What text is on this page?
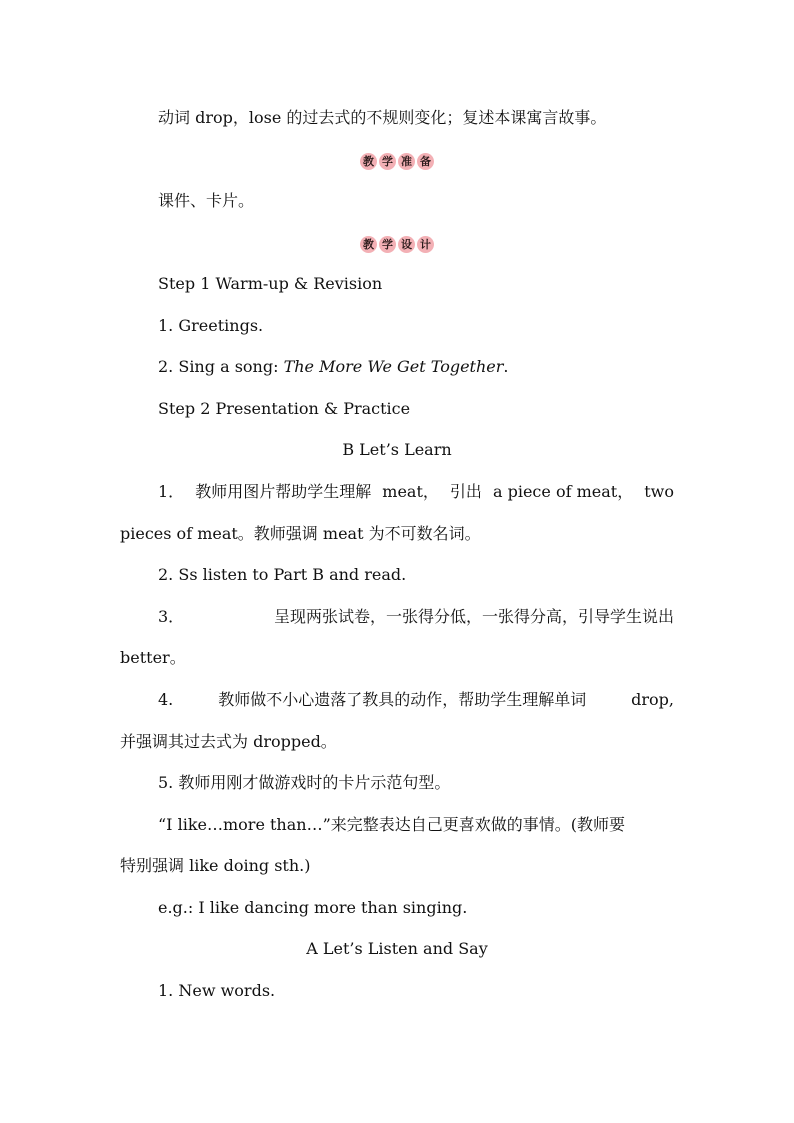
动词 drop，lose 的过去式的不规则变化；复述本课寓言故事。
教 学 准 备
课件、卡片。
教 学 设 计
Step 1 Warm-up & Revision
1. Greetings.
2. Sing a song: The More We Get Together.
Step 2 Presentation & Practice
B Let’s Learn
1． 教师用图片帮助学生理解 meat， 引出 a piece of meat， two
pieces of meat。教师强调 meat 为不可数名词。
2. Ss listen to Part B and read.
3．	呈现两张试卷，一张得分低，一张得分高，引导学生说出
better。
4.	教师做不小心遗落了教具的动作，帮助学生理解单词	drop,
并强调其过去式为 dropped。
5. 教师用刚才做游戏时的卡片示范句型。
“I like…more than…”来完整表达自己更喜欢做的事情。(教师要
特别强调 like doing sth.)
e.g.: I like dancing more than singing.
A Let’s Listen and Say
1. New words.
